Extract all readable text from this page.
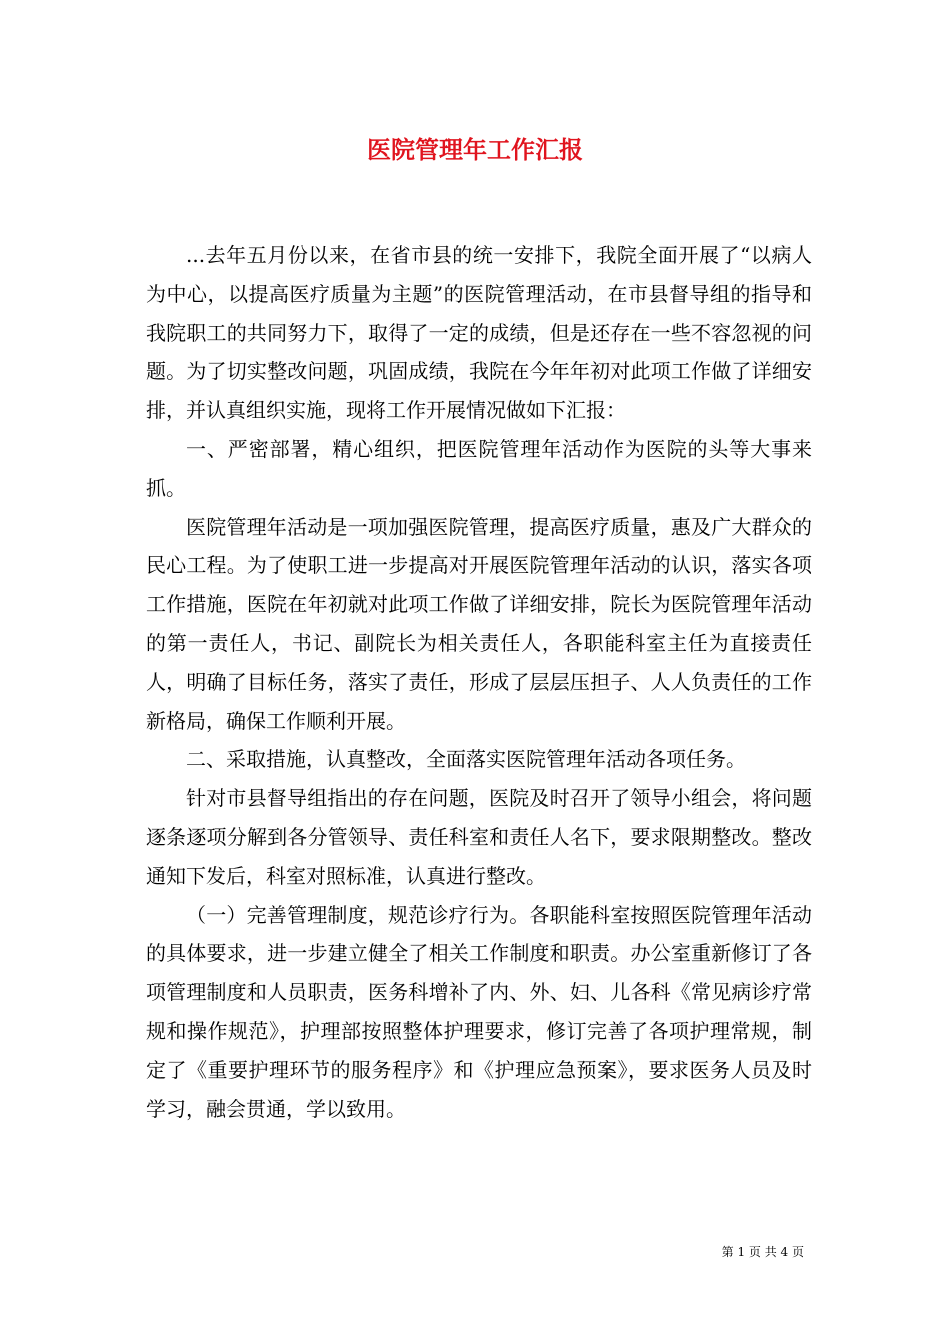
医院管理年工作汇报

...去年五月份以来，在省市县的统一安排下，我院全面开展了“以病人为中心，以提高医疗质量为主题”的医院管理活动，在市县督导组的指导和我院职工的共同努力下，取得了一定的成绩，但是还存在一些不容忽视的问题。为了切实整改问题，巩固成绩，我院在今年年初对此项工作做了详细安排，并认真组织实施，现将工作开展情况做如下汇报：

一、严密部署，精心组织，把医院管理年活动作为医院的头等大事来抓。

医院管理年活动是一项加强医院管理，提高医疗质量，惠及广大群众的民心工程。为了使职工进一步提高对开展医院管理年活动的认识，落实各项工作措施，医院在年初就对此项工作做了详细安排，院长为医院管理年活动的第一责任人，书记、副院长为相关责任人，各职能科室主任为直接责任人，明确了目标任务，落实了责任，形成了层层压担子、人人负责任的工作新格局，确保工作顺利开展。

二、采取措施，认真整改，全面落实医院管理年活动各项任务。

针对市县督导组指出的存在问题，医院及时召开了领导小组会，将问题逐条逐项分解到各分管领导、责任科室和责任人名下，要求限期整改。整改通知下发后，科室对照标准，认真进行整改。

（一）完善管理制度，规范诊疗行为。各职能科室按照医院管理年活动的具体要求，进一步建立健全了相关工作制度和职责。办公室重新修订了各项管理制度和人员职责，医务科增补了内、外、妇、儿各科《常见病诊疗常规和操作规范》，护理部按照整体护理要求，修订完善了各项护理常规，制定了《重要护理环节的服务程序》和《护理应急预案》，要求医务人员及时学习，融会贯通，学以致用。

第 1 页 共 4 页
